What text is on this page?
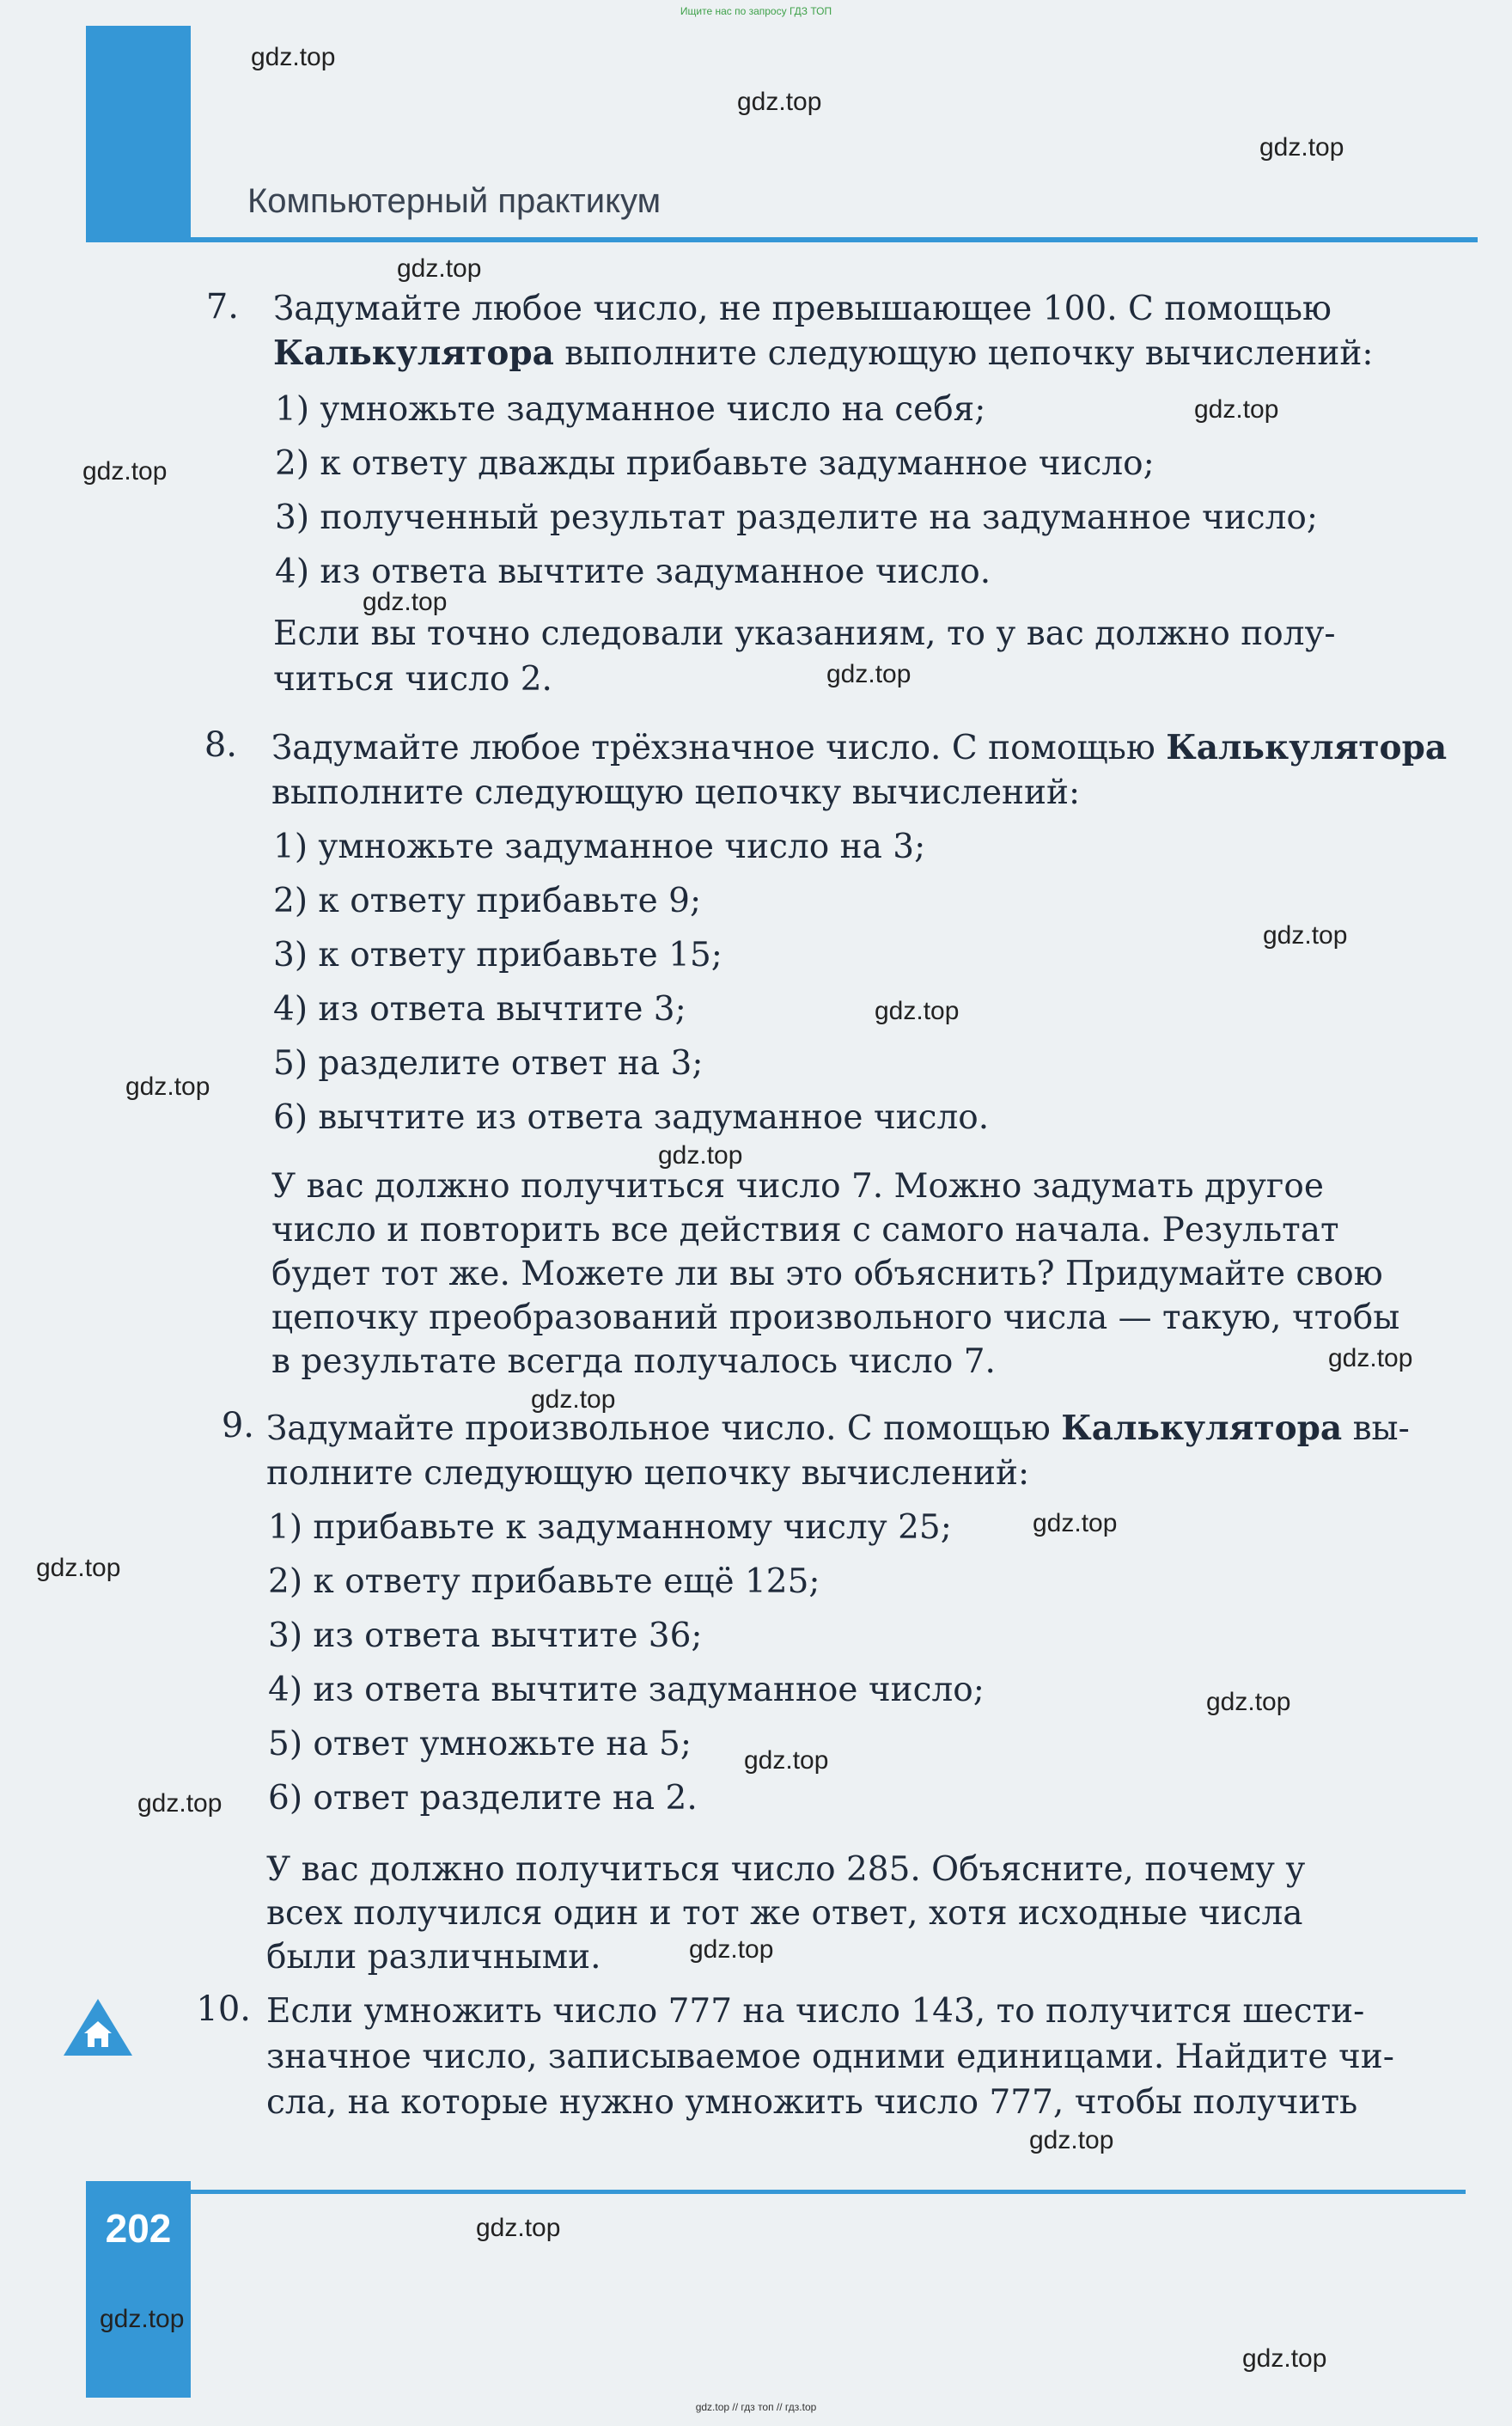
Ищите нас по запросу ГДЗ ТОП
Компьютерный практикум
7. Задумайте любое число, не превышающее 100. С помощью
Калькулятора выполните следующую цепочку вычислений:
1) умножьте задуманное число на себя;
2) к ответу дважды прибавьте задуманное число;
3) полученный результат разделите на задуманное число;
4) из ответа вычтите задуманное число.
Если вы точно следовали указаниям, то у вас должно полу-
читься число 2.
8. Задумайте любое трёхзначное число. С помощью Калькулятора
выполните следующую цепочку вычислений:
1) умножьте задуманное число на 3;
2) к ответу прибавьте 9;
3) к ответу прибавьте 15;
4) из ответа вычтите 3;
5) разделите ответ на 3;
6) вычтите из ответа задуманное число.
У вас должно получиться число 7. Можно задумать другое
число и повторить все действия с самого начала. Результат
будет тот же. Можете ли вы это объяснить? Придумайте свою
цепочку преобразований произвольного числа — такую, чтобы
в результате всегда получалось число 7.
9. Задумайте произвольное число. С помощью Калькулятора вы-
полните следующую цепочку вычислений:
1) прибавьте к задуманному числу 25;
2) к ответу прибавьте ещё 125;
3) из ответа вычтите 36;
4) из ответа вычтите задуманное число;
5) ответ умножьте на 5;
6) ответ разделите на 2.
У вас должно получиться число 285. Объясните, почему у
всех получился один и тот же ответ, хотя исходные числа
были различными.
10. Если умножить число 777 на число 143, то получится шести-
значное число, записываемое одними единицами. Найдите чи-
сла, на которые нужно умножить число 777, чтобы получить
202
gdz.top
gdz.top
gdz.top
gdz.top
gdz.top
gdz.top
gdz.top
gdz.top
gdz.top
gdz.top
gdz.top
gdz.top
gdz.top
gdz.top
gdz.top
gdz.top
gdz.top
gdz.top
gdz.top
gdz.top
gdz.top
gdz.top
gdz.top
gdz.top
gdz.top // гдз топ // гдз.top
